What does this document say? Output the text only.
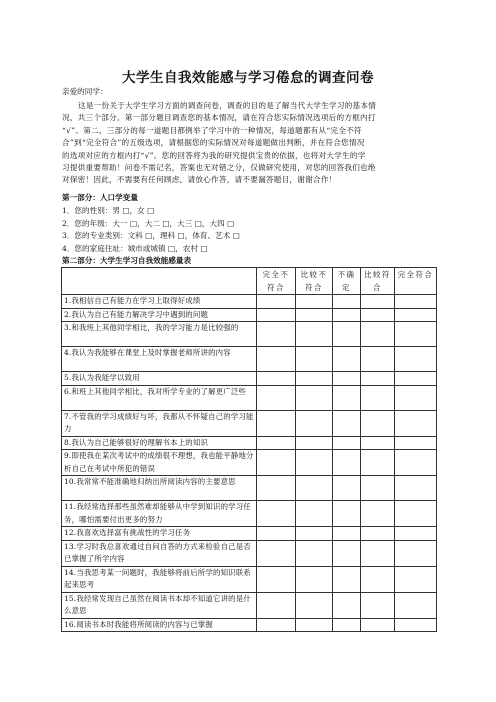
大学生自我效能感与学习倦怠的调查问卷
亲爱的同学：
这是一份关于大学生学习方面的调查问卷，调查的目的是了解当代大学生学习的基本情
况，共三个部分。第一部分题目调查您的基本情况，请在符合您实际情况选项后的方框内打
“√”。第二、三部分的每一道题目都例举了学习中的一种情况，每道题都有从“完全不符
合”到“完全符合”的五级选项，请根据您的实际情况对每道题做出判断，并在符合您情况
的选项对应的方框内打“√”。您的回答将为我的研究提供宝贵的依据，也将对大学生的学
习提供重要帮助！问卷不需记名，答案也无对错之分，仅做研究使用，对您的回答我们也绝
对保密！因此，不需要有任何顾虑，请放心作答，请不要漏答题目，谢谢合作！
第一部分：人口学变量
1．您的性别：男 □，女 □
2．您的年级：大一 □，大二 □，大三 □，大四 □
3．您的专业类别：文科 □，理科 □，体育、艺术 □
4．您的家庭住址：城市或城镇 □，农村 □
第二部分：大学生学习自我效能感量表
	完全不符合	比较不符合	不确定	比较符合	完全符合
1.我相信自己有能力在学习上取得好成绩					
2.我认为自己有能力解决学习中遇到的问题					
3.和我班上其他同学相比，我的学习能力是比较强的					
4.我认为我能够在课堂上及时掌握老师所讲的内容					
5.我认为我能学以致用					
6.和班上其他同学相比，我对所学专业的了解更广泛些					
7.不管我的学习成绩好与坏，我都从不怀疑自己的学习能力					
8.我认为自己能够很好的理解书本上的知识					
9.即使我在某次考试中的成绩很不理想，我也能平静地分析自己在考试中所犯的错误					
10.我常常不能准确地归纳出所阅读内容的主要意思					
11.我经常选择那些虽然难却能够从中学到知识的学习任务，哪怕需要付出更多的努力					
12.我喜欢选择富有挑战性的学习任务					
13.学习时我总喜欢通过自问自答的方式来检验自己是否已掌握了所学内容					
14.当我思考某一问题时，我能够将前后所学的知识联系起来思考					
15.我经常发现自己虽然在阅读书本却不知道它讲的是什么意思					
16.阅读书本时我能将所阅读的内容与已掌握					
